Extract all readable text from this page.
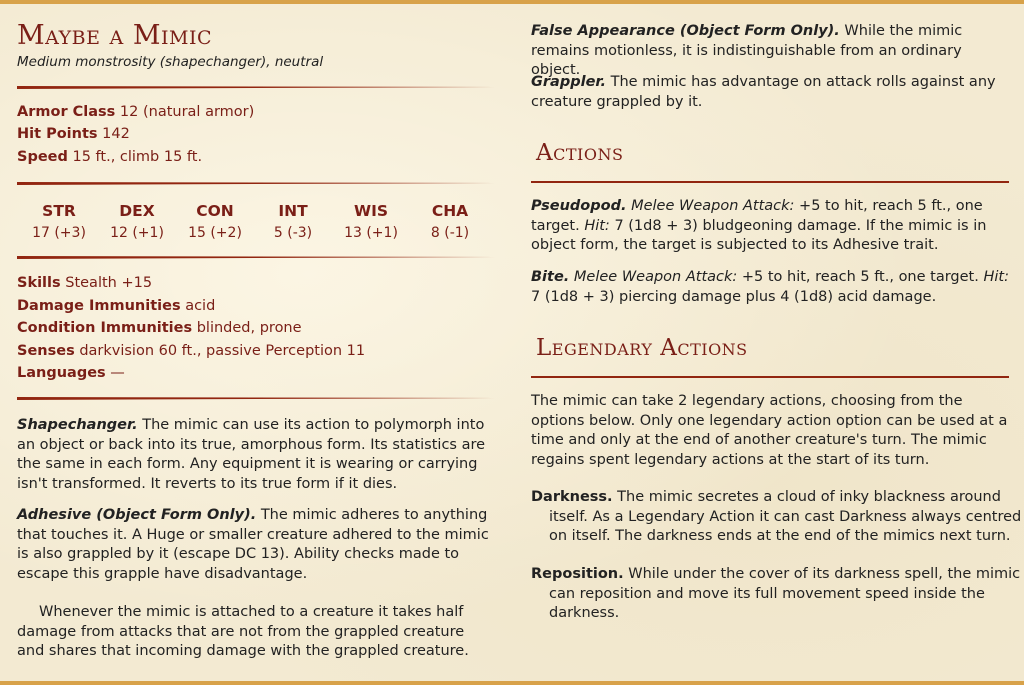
Maybe a Mimic
Medium monstrosity (shapechanger), neutral
Armor Class 12 (natural armor)
Hit Points 142
Speed 15 ft., climb 15 ft.
STR
17 (+3)
DEX
12 (+1)
CON
15 (+2)
INT
5 (-3)
WIS
13 (+1)
CHA
8 (-1)
Skills Stealth +15
Damage Immunities acid
Condition Immunities blinded, prone
Senses darkvision 60 ft., passive Perception 11
Languages —
Shapechanger. The mimic can use its action to polymorph into an object or back into its true, amorphous form. Its statistics are the same in each form. Any equipment it is wearing or carrying isn't transformed. It reverts to its true form if it dies.
Adhesive (Object Form Only). The mimic adheres to anything that touches it. A Huge or smaller creature adhered to the mimic is also grappled by it (escape DC 13). Ability checks made to escape this grapple have disadvantage.
Whenever the mimic is attached to a creature it takes half damage from attacks that are not from the grappled creature and shares that incoming damage with the grappled creature.
False Appearance (Object Form Only). While the mimic remains motionless, it is indistinguishable from an ordinary object.
Grappler. The mimic has advantage on attack rolls against any creature grappled by it.
Actions
Pseudopod. Melee Weapon Attack: +5 to hit, reach 5 ft., one target. Hit: 7 (1d8 + 3) bludgeoning damage. If the mimic is in object form, the target is subjected to its Adhesive trait.
Bite. Melee Weapon Attack: +5 to hit, reach 5 ft., one target. Hit: 7 (1d8 + 3) piercing damage plus 4 (1d8) acid damage.
Legendary Actions
The mimic can take 2 legendary actions, choosing from the options below. Only one legendary action option can be used at a time and only at the end of another creature's turn. The mimic regains spent legendary actions at the start of its turn.
Darkness. The mimic secretes a cloud of inky blackness around itself. As a Legendary Action it can cast Darkness always centred on itself. The darkness ends at the end of the mimics next turn.
Reposition. While under the cover of its darkness spell, the mimic can reposition and move its full movement speed inside the darkness.
